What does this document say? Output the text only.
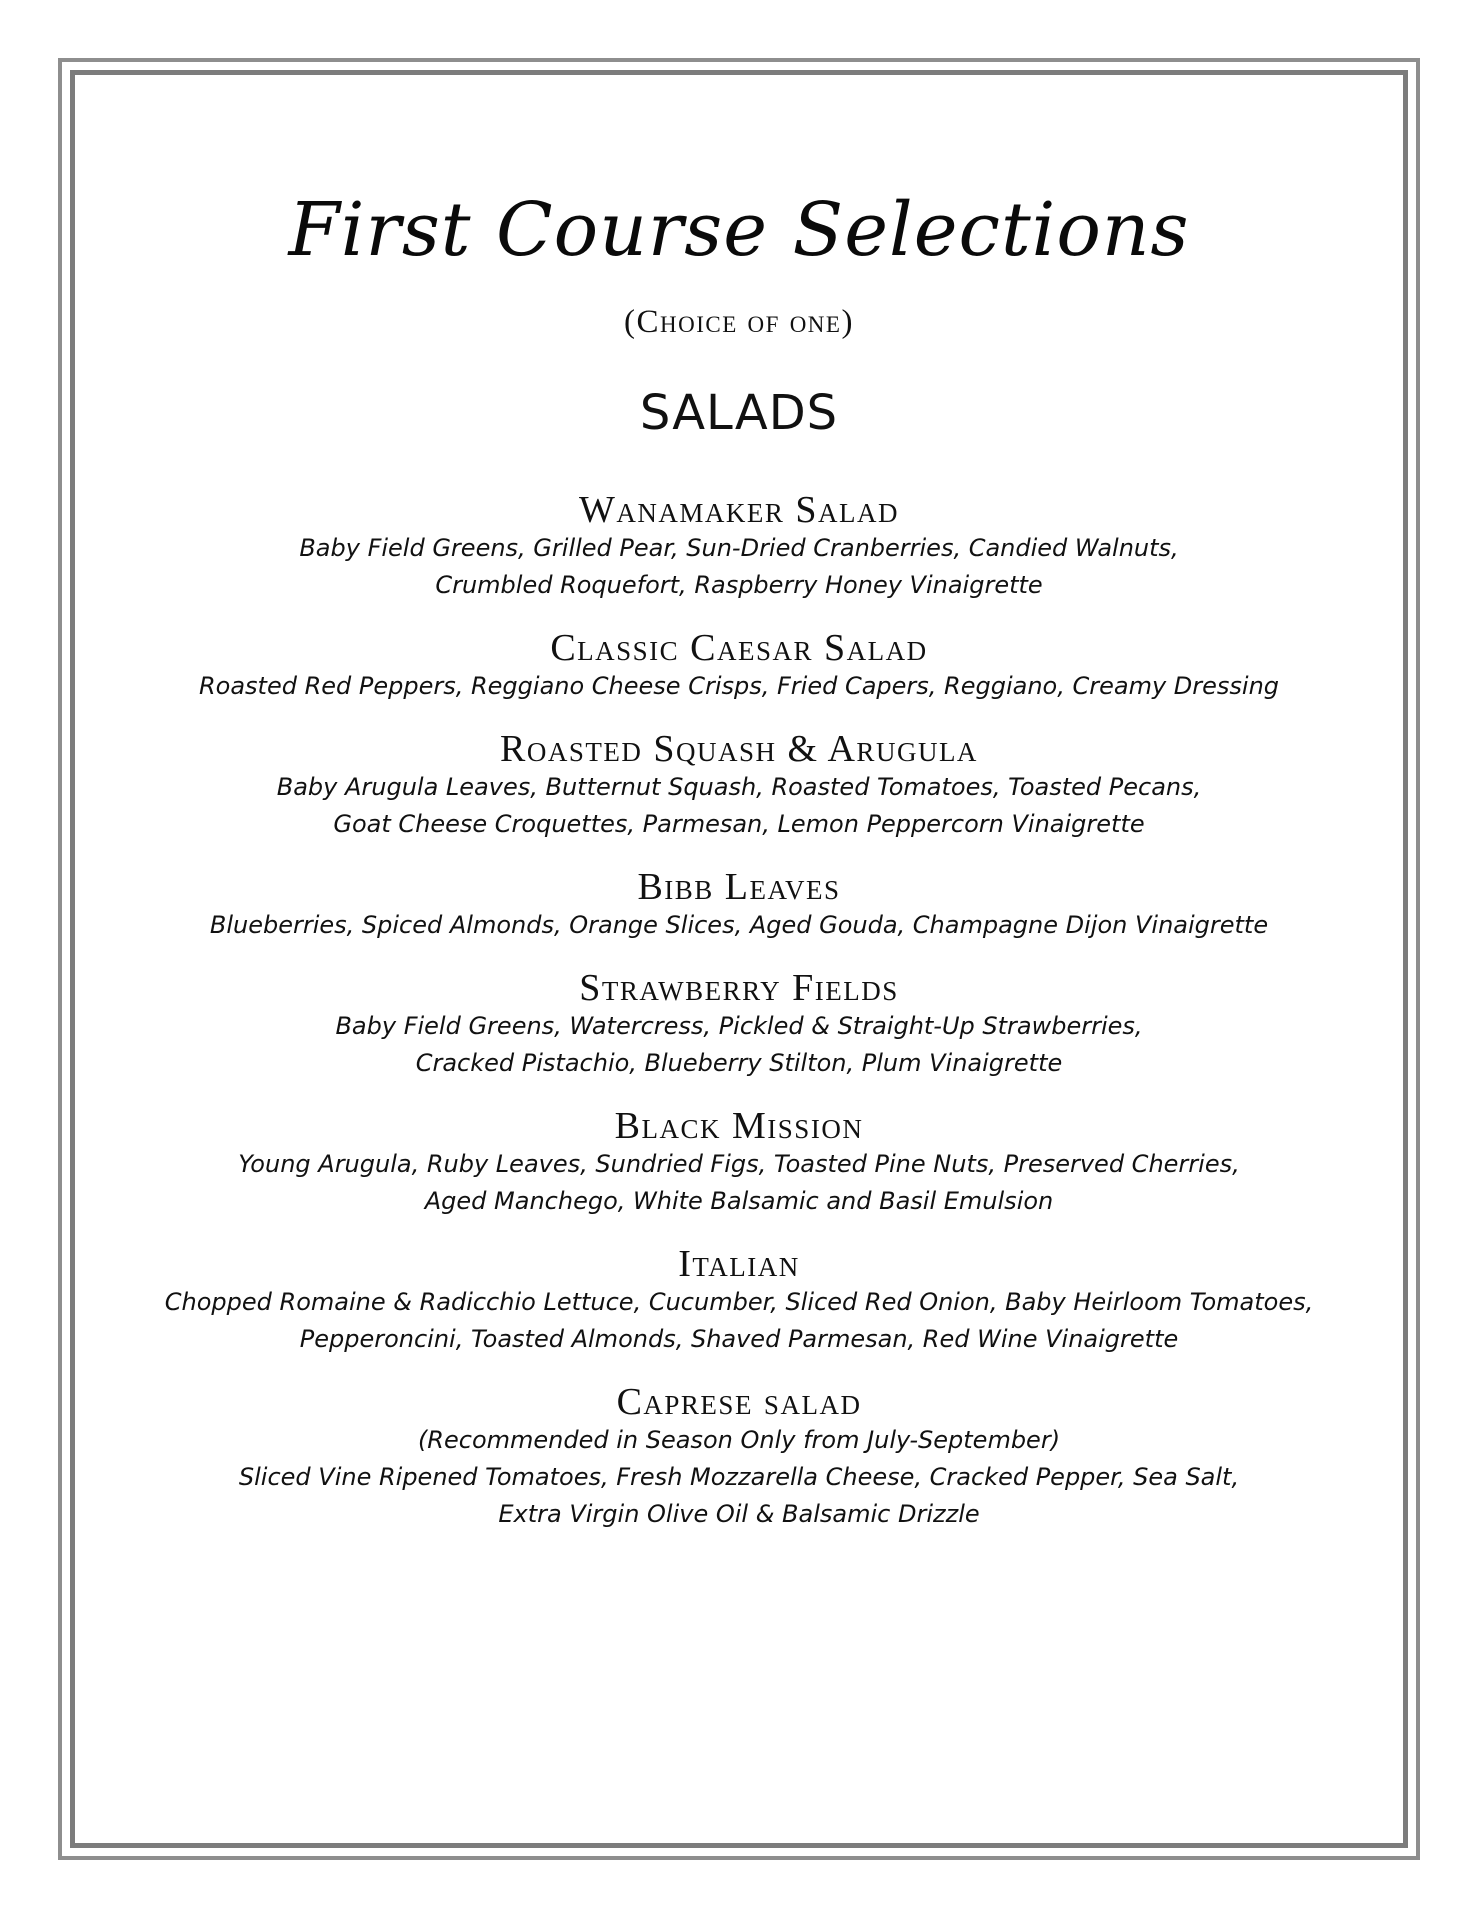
First Course Selections
(Choice of one)
SALADS
Wanamaker Salad
Baby Field Greens, Grilled Pear, Sun-Dried Cranberries, Candied Walnuts,
Crumbled Roquefort, Raspberry Honey Vinaigrette
Classic Caesar Salad
Roasted Red Peppers, Reggiano Cheese Crisps, Fried Capers, Reggiano, Creamy Dressing
Roasted Squash & Arugula
Baby Arugula Leaves, Butternut Squash, Roasted Tomatoes, Toasted Pecans,
Goat Cheese Croquettes, Parmesan, Lemon Peppercorn Vinaigrette
Bibb Leaves
Blueberries, Spiced Almonds, Orange Slices, Aged Gouda, Champagne Dijon Vinaigrette
Strawberry Fields
Baby Field Greens, Watercress, Pickled & Straight-Up Strawberries,
Cracked Pistachio, Blueberry Stilton, Plum Vinaigrette
Black Mission
Young Arugula, Ruby Leaves, Sundried Figs, Toasted Pine Nuts, Preserved Cherries,
Aged Manchego, White Balsamic and Basil Emulsion
Italian
Chopped Romaine & Radicchio Lettuce, Cucumber, Sliced Red Onion, Baby Heirloom Tomatoes,
Pepperoncini, Toasted Almonds, Shaved Parmesan, Red Wine Vinaigrette
Caprese salad
(Recommended in Season Only from July-September)
Sliced Vine Ripened Tomatoes, Fresh Mozzarella Cheese, Cracked Pepper, Sea Salt,
Extra Virgin Olive Oil & Balsamic Drizzle
